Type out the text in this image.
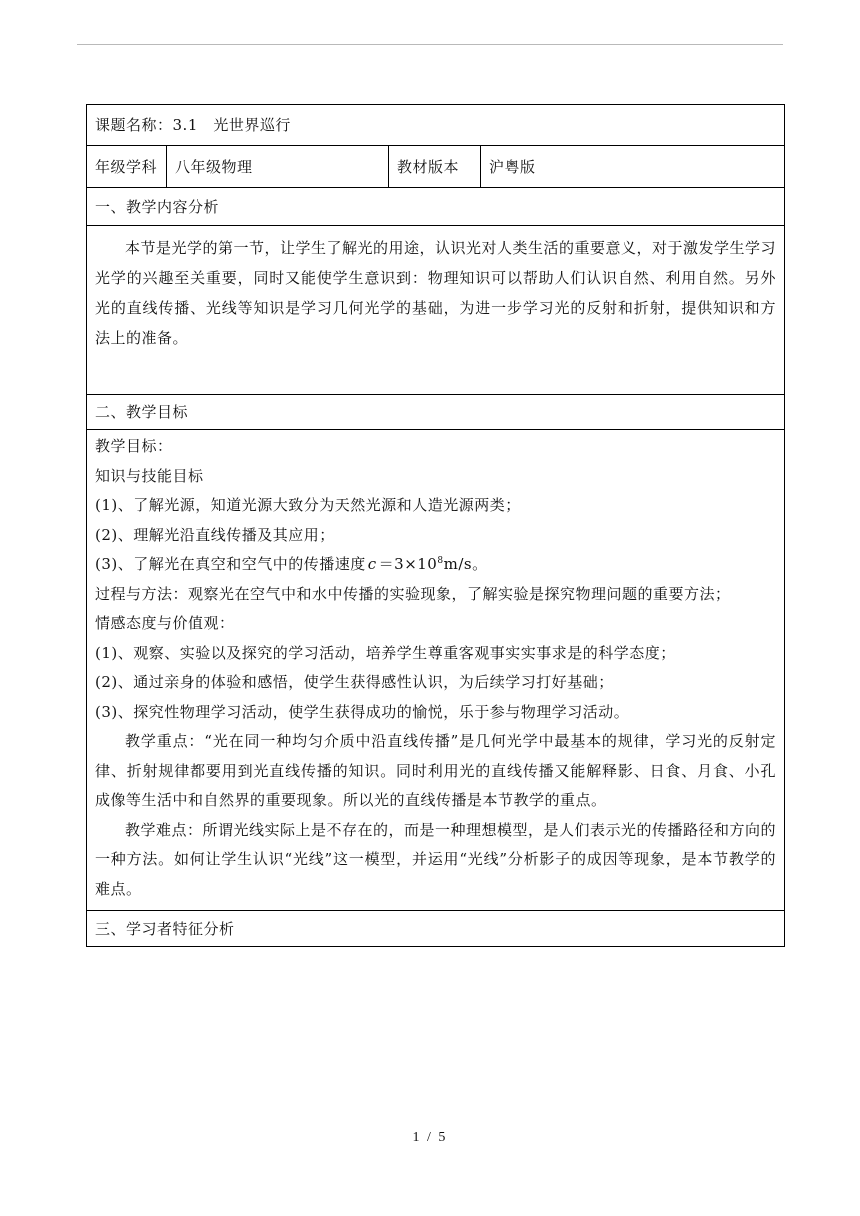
课题名称：3.1　光世界巡行
年级学科	八年级物理	教材版本	沪粤版
一、教学内容分析

本节是光学的第一节，让学生了解光的用途，认识光对人类生活的重要意义，对于激发学生学习光学的兴趣至关重要，同时又能使学生意识到：物理知识可以帮助人们认识自然、利用自然。另外光的直线传播、光线等知识是学习几何光学的基础，为进一步学习光的反射和折射，提供知识和方法上的准备。

二、教学目标

教学目标：
知识与技能目标
(1)、了解光源，知道光源大致分为天然光源和人造光源两类；
(2)、理解光沿直线传播及其应用；
(3)、了解光在真空和空气中的传播速度 $c =3\times 10^8m/s$。
过程与方法：观察光在空气中和水中传播的实验现象，了解实验是探究物理问题的重要方法；
情感态度与价值观：
(1)、观察、实验以及探究的学习活动，培养学生尊重客观事实实事求是的科学态度；
(2)、通过亲身的体验和感悟，使学生获得感性认识，为后续学习打好基础；
(3)、探究性物理学习活动，使学生获得成功的愉悦，乐于参与物理学习活动。
教学重点：“光在同一种均匀介质中沿直线传播”是几何光学中最基本的规律，学习光的反射定律、折射规律都要用到光直线传播的知识。同时利用光的直线传播又能解释影、日食、月食、小孔成像等生活中和自然界的重要现象。所以光的直线传播是本节教学的重点。
教学难点：所谓光线实际上是不存在的，而是一种理想模型，是人们表示光的传播路径和方向的一种方法。如何让学生认识“光线”这一模型，并运用“光线”分析影子的成因等现象，是本节教学的难点。

三、学习者特征分析
1 / 5
